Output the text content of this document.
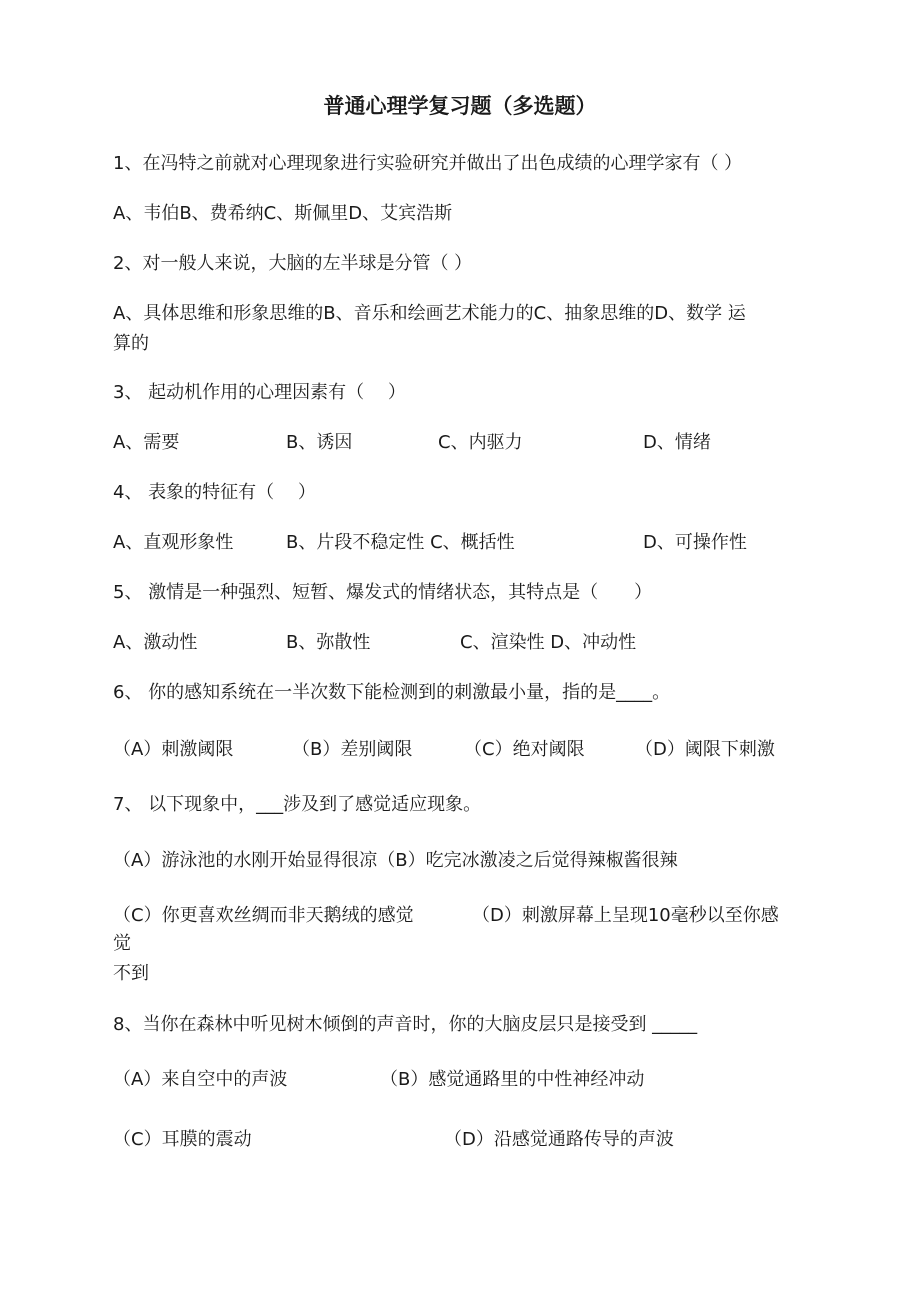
普通心理学复习题（多选题）
1、在冯特之前就对心理现象进行实验研究并做出了出色成绩的心理学家有（ ）
A、韦伯B、费希纳C、斯佩里D、艾宾浩斯
2、对一般人来说，大脑的左半球是分管（ ）
A、具体思维和形象思维的B、音乐和绘画艺术能力的C、抽象思维的D、数学 运
算的
3、 起动机作用的心理因素有（　 ）
A、需要	B、诱因	C、内驱力	D、情绪
4、 表象的特征有（　 ）
A、直观形象性	B、片段不稳定性 C、概括性	D、可操作性
5、 激情是一种强烈、短暂、爆发式的情绪状态，其特点是（　　）
A、激动性	B、弥散性	C、渲染性 D、冲动性
6、 你的感知系统在一半次数下能检测到的刺激最小量，指的是____。
（A）刺激阈限	（B）差别阈限	（C）绝对阈限	（D）阈限下刺激
7、 以下现象中，___涉及到了感觉适应现象。
（A）游泳池的水刚开始显得很凉（B）吃完冰激凌之后觉得辣椒酱很辣
（C）你更喜欢丝绸而非天鹅绒的感觉	（D）刺激屏幕上呈现10毫秒以至你感
觉
不到
8、当你在森林中听见树木倾倒的声音时，你的大脑皮层只是接受到 _____
（A）来自空中的声波	（B）感觉通路里的中性神经冲动
（C）耳膜的震动	（D）沿感觉通路传导的声波
